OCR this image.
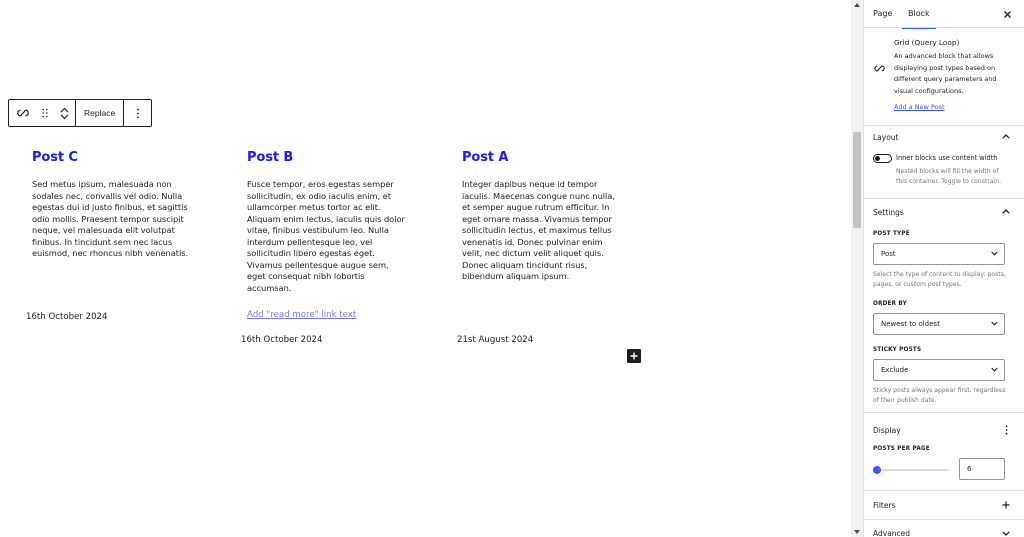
Replace
Post C
Sed metus ipsum, malesuada non sodales nec, convallis vel odio. Nulla egestas dui id justo finibus, et sagittis odio mollis. Praesent tempor suscipit neque, vel malesuada elit volutpat finibus. In tincidunt sem nec lacus euismod, nec rhoncus nibh venenatis.
16th October 2024
Post B
Fusce tempor, eros egestas semper sollicitudin, ex odio iaculis enim, et ullamcorper metus tortor ac elit. Aliquam enim lectus, iaculis quis dolor vitae, finibus vestibulum leo. Nulla interdum pellentesque leo, vel sollicitudin libero egestas eget. Vivamus pellentesque augue sem, eget consequat nibh lobortis accumsan.
Add "read more" link text
16th October 2024
Post A
Integer dapibus neque id tempor iaculis. Maecenas congue nunc nulla, et semper augue rutrum efficitur. In eget ornare massa. Vivamus tempor sollicitudin lectus, et maximus tellus venenatis id. Donec pulvinar enim velit, nec dictum velit aliquet quis. Donec aliquam tincidunt risus, bibendum aliquam ipsum.
21st August 2024
Page Block
Grid (Query Loop)
An advanced block that allows displaying post types based on different query parameters and visual configurations.
Add a New Post
Layout
Inner blocks use content width
Nested blocks will fill the width of this container. Toggle to constrain.
Settings
POST TYPE
Post
Select the type of content to display: posts, pages, or custom post types.
ORDER BY
Newest to oldest
STICKY POSTS
Exclude
Sticky posts always appear first, regardless of their publish date.
Display
POSTS PER PAGE
6
Filters
Advanced
